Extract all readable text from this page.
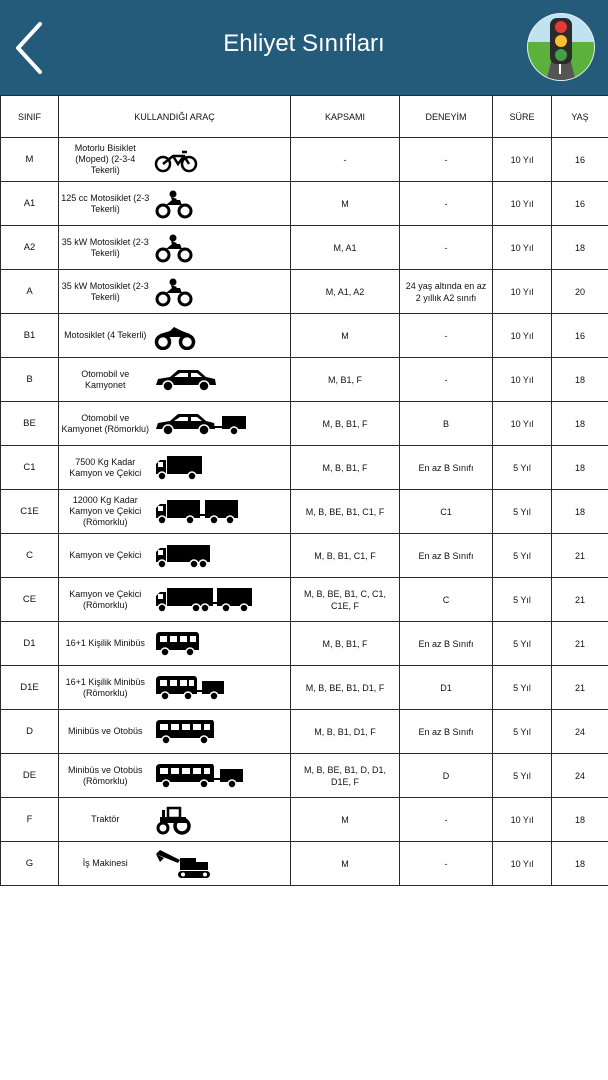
Ehliyet Sınıfları
SINIF	KULLANDIĞI ARAÇ		KAPSAMI	DENEYİM	SÜRE	YAŞ
M	Motorlu Bisiklet (Moped) (2-3-4 Tekerli)		-	-	10 Yıl	16
A1	125 cc Motosiklet (2-3 Tekerli)		M	-	10 Yıl	16
A2	35 kW Motosiklet (2-3 Tekerli)		M, A1	-	10 Yıl	18
A	35 kW Motosiklet (2-3 Tekerli)		M, A1, A2	24 yaş altında en az 2 yıllık A2 sınıfı	10 Yıl	20
B1	Motosiklet (4 Tekerli)		M	-	10 Yıl	16
B	Otomobil ve Kamyonet		M, B1, F	-	10 Yıl	18
BE	Otomobil ve Kamyonet (Römorklu)		M, B, B1, F	B	10 Yıl	18
C1	7500 Kg Kadar Kamyon ve Çekici		M, B, B1, F	En az B Sınıfı	5 Yıl	18
C1E	12000 Kg Kadar Kamyon ve Çekici (Römorklu)		M, B, BE, B1, C1, F	C1	5 Yıl	18
C	Kamyon ve Çekici		M, B, B1, C1, F	En az B Sınıfı	5 Yıl	21
CE	Kamyon ve Çekici (Römorklu)		M, B, BE, B1, C, C1, C1E, F	C	5 Yıl	21
D1	16+1 Kişilik Minibüs		M, B, B1, F	En az B Sınıfı	5 Yıl	21
D1E	16+1 Kişilik Minibüs (Römorklu)		M, B, BE, B1, D1, F	D1	5 Yıl	21
D	Minibüs ve Otobüs		M, B, B1, D1, F	En az B Sınıfı	5 Yıl	24
DE	Minibüs ve Otobüs (Römorklu)		M, B, BE, B1, D, D1, D1E, F	D	5 Yıl	24
F	Traktör		M	-	10 Yıl	18
G	İş Makinesi		M	-	10 Yıl	18
